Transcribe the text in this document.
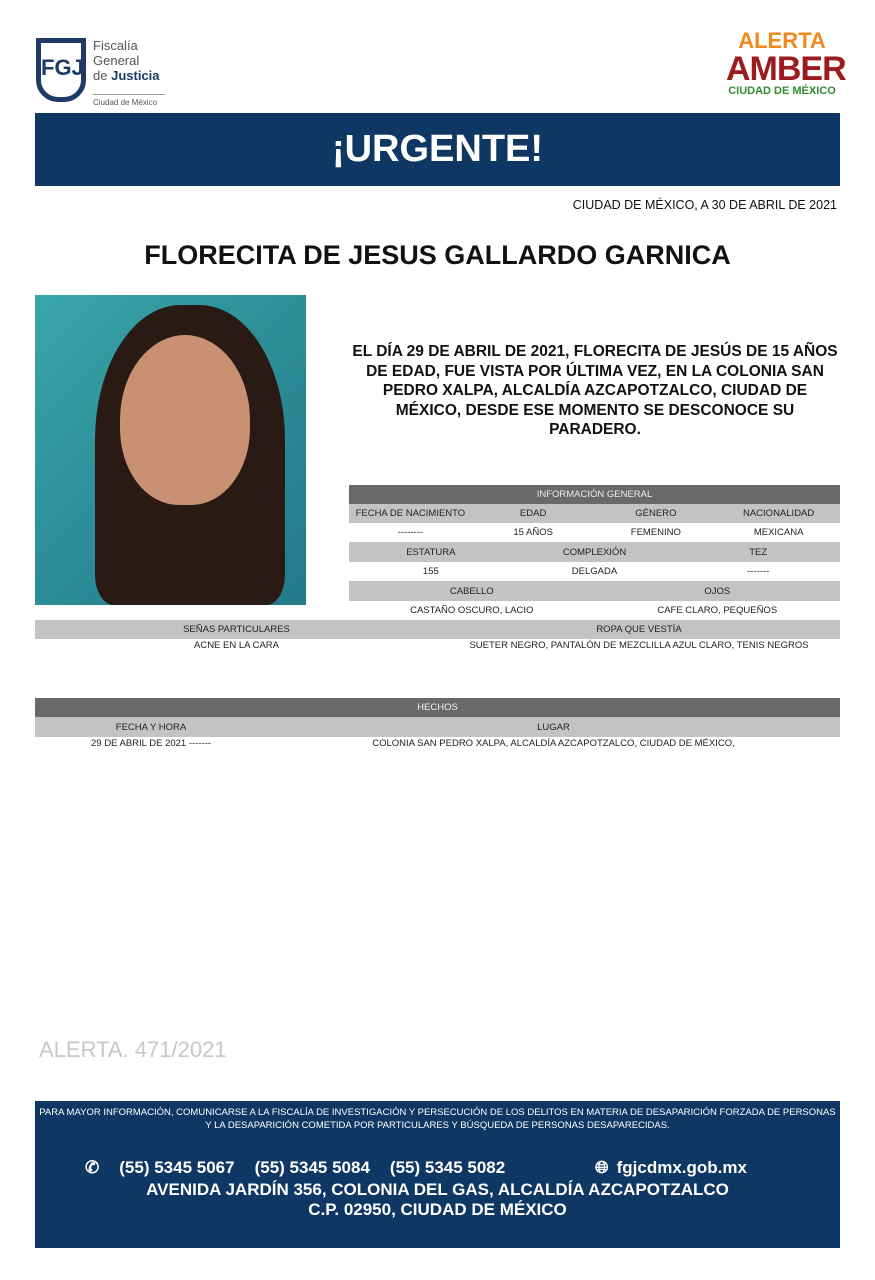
FGJ
Fiscalía
General
de Justicia
Ciudad de México
ALERTA
AMBER
CIUDAD DE MÉXICO
¡URGENTE!
CIUDAD DE MÉXICO, A 30 DE ABRIL DE 2021
FLORECITA DE JESUS GALLARDO GARNICA
EL DÍA 29 DE ABRIL DE 2021, FLORECITA DE JESÚS DE 15 AÑOS DE EDAD, FUE VISTA POR ÚLTIMA VEZ, EN LA COLONIA SAN PEDRO XALPA, ALCALDÍA AZCAPOTZALCO, CIUDAD DE MÉXICO, DESDE ESE MOMENTO SE DESCONOCE SU PARADERO.
INFORMACIÓN GENERAL
FECHA DE NACIMIENTO	EDAD	GÉNERO	NACIONALIDAD
--------	15 AÑOS	FEMENINO	MEXICANA
ESTATURA	COMPLEXIÓN	TEZ
155	DELGADA	-------
CABELLO	OJOS
CASTAÑO OSCURO, LACIO	CAFE CLARO, PEQUEÑOS
SEÑAS PARTICULARES	ROPA QUE VESTÍA
ACNE EN LA CARA	SUETER NEGRO, PANTALÓN DE MEZCLILLA AZUL CLARO, TENIS NEGROS
HECHOS
FECHA Y HORA	LUGAR
29 DE ABRIL DE 2021 -------	COLONIA SAN PEDRO XALPA, ALCALDÍA AZCAPOTZALCO, CIUDAD DE MÉXICO,
ALERTA. 471/2021
PARA MAYOR INFORMACIÓN, COMUNICARSE A LA FISCALÍA DE INVESTIGACIÓN Y PERSECUCIÓN DE LOS DELITOS EN MATERIA DE DESAPARICIÓN FORZADA DE PERSONAS Y LA DESAPARICIÓN COMETIDA POR PARTICULARES Y BÚSQUEDA DE PERSONAS DESAPARECIDAS.
✆ (55) 5345 5067 (55) 5345 5084 (55) 5345 5082	🌐︎ fgjcdmx.gob.mx
AVENIDA JARDÍN 356, COLONIA DEL GAS, ALCALDÍA AZCAPOTZALCO
C.P. 02950, CIUDAD DE MÉXICO
